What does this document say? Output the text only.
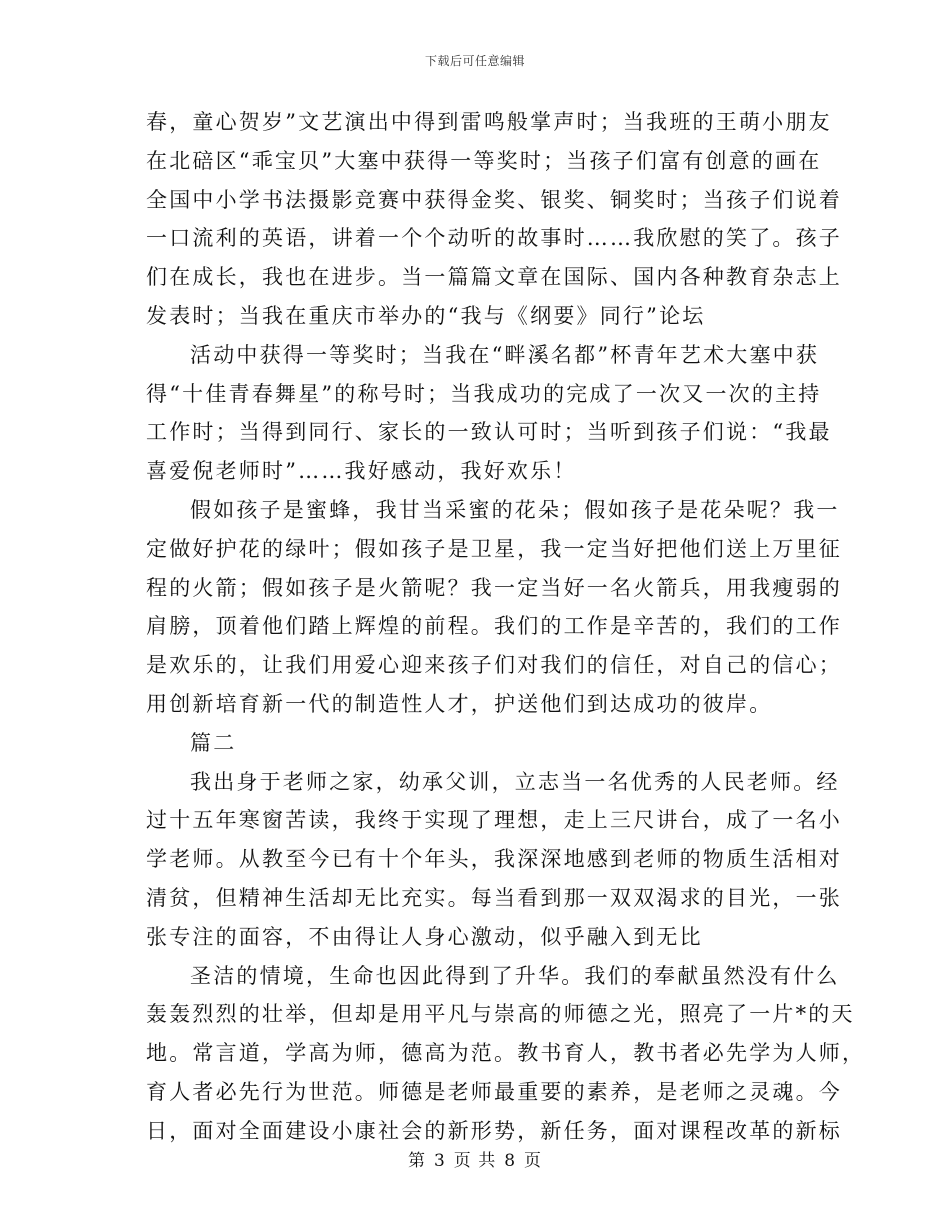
下载后可任意编辑
春，童心贺岁”文艺演出中得到雷鸣般掌声时；当我班的王萌小朋友
在北碚区“乖宝贝”大塞中获得一等奖时；当孩子们富有创意的画在
全国中小学书法摄影竞赛中获得金奖、银奖、铜奖时；当孩子们说着
一口流利的英语，讲着一个个动听的故事时……我欣慰的笑了。孩子
们在成长，我也在进步。当一篇篇文章在国际、国内各种教育杂志上
发表时；当我在重庆市举办的“我与《纲要》同行”论坛
活动中获得一等奖时；当我在“畔溪名都”杯青年艺术大塞中获
得“十佳青春舞星”的称号时；当我成功的完成了一次又一次的主持
工作时；当得到同行、家长的一致认可时；当听到孩子们说：“我最
喜爱倪老师时”……我好感动，我好欢乐！
假如孩子是蜜蜂，我甘当采蜜的花朵；假如孩子是花朵呢？我一
定做好护花的绿叶；假如孩子是卫星，我一定当好把他们送上万里征
程的火箭；假如孩子是火箭呢？我一定当好一名火箭兵，用我瘦弱的
肩膀，顶着他们踏上辉煌的前程。我们的工作是辛苦的，我们的工作
是欢乐的，让我们用爱心迎来孩子们对我们的信任，对自己的信心；
用创新培育新一代的制造性人才，护送他们到达成功的彼岸。
篇二
我出身于老师之家，幼承父训，立志当一名优秀的人民老师。经
过十五年寒窗苦读，我终于实现了理想，走上三尺讲台，成了一名小
学老师。从教至今已有十个年头，我深深地感到老师的物质生活相对
清贫，但精神生活却无比充实。每当看到那一双双渴求的目光，一张
张专注的面容，不由得让人身心激动，似乎融入到无比
圣洁的情境，生命也因此得到了升华。我们的奉献虽然没有什么
轰轰烈烈的壮举，但却是用平凡与崇高的师德之光，照亮了一片*的天
地。常言道，学高为师，德高为范。教书育人，教书者必先学为人师，
育人者必先行为世范。师德是老师最重要的素养，是老师之灵魂。今
日，面对全面建设小康社会的新形势，新任务，面对课程改革的新标
第 3 页 共 8 页
